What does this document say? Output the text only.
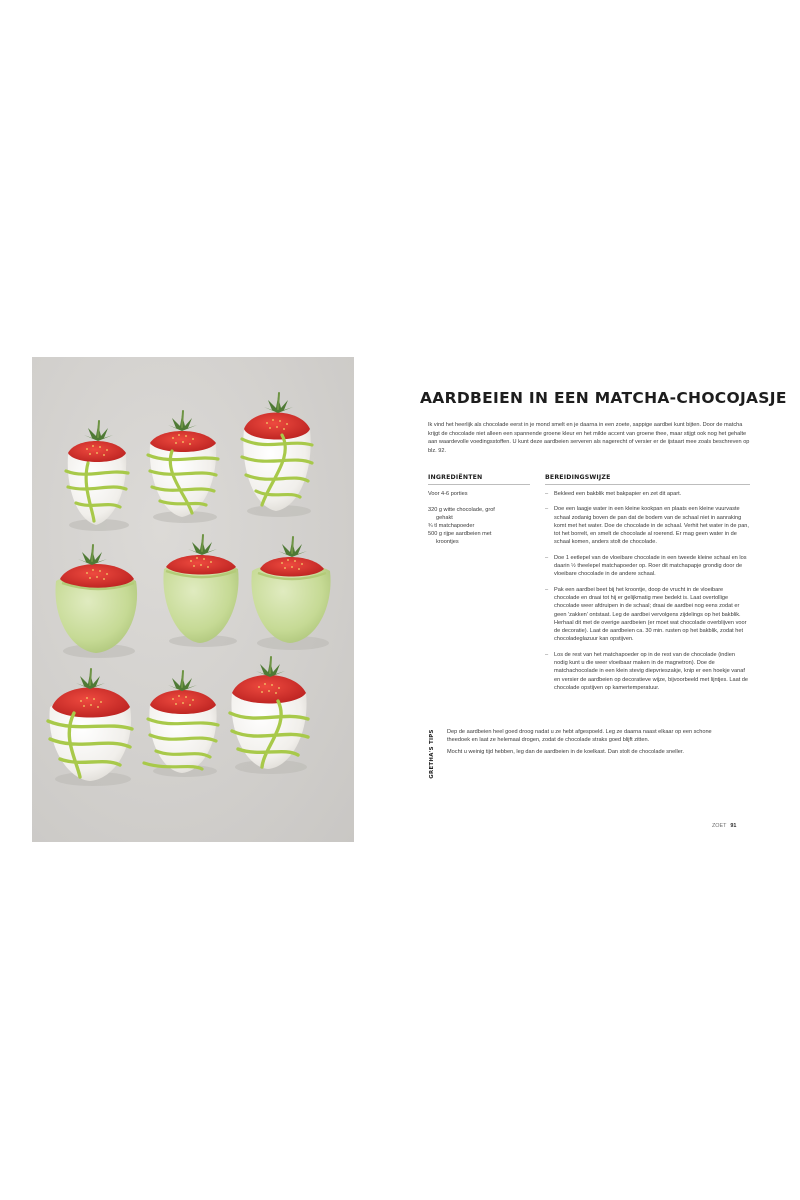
AARDBEIEN IN EEN MATCHA-CHOCOJASJE

Ik vind het heerlijk als chocolade eerst in je mond smelt en je daarna in een zoete, sappige aardbei kunt bijten. Door de matcha krijgt de chocolade niet alleen een spannende groene kleur en het milde accent van groene thee, maar stijgt ook nog het gehalte aan waardevolle voedingsstoffen. U kunt deze aardbeien serveren als nagerecht of versier er de ijstaart mee zoals beschreven op blz. 92.

INGREDIËNTEN	BEREIDINGSWIJZE

Voor 4-6 porties

320 g witte chocolade, grof
gehakt
¾ tl matchapoeder
500 g rijpe aardbeien met
kroontjes
– Bekleed een bakblik met bakpapier en zet dit apart.
– Doe een laagje water in een kleine kookpan en plaats een kleine vuurvaste schaal zodanig boven de pan dat de bodem van de schaal niet in aanraking komt met het water. Doe de chocolade in de schaal. Verhit het water in de pan, tot het borrelt, en smelt de chocolade al roerend. Er mag geen water in de schaal komen, anders stolt de chocolade.
– Doe 1 eetlepel van de vloeibare chocolade in een tweede kleine schaal en los daarin ½ theelepel matchapoeder op. Roer dit matchapapje grondig door de vloeibare chocolade in de andere schaal.
– Pak een aardbei beet bij het kroontje, doop de vrucht in de vloeibare chocolade en draai tot hij er gelijkmatig mee bedekt is. Laat overtollige chocolade weer afdruipen in de schaal; draai de aardbei nog eens zodat er geen 'zakken' ontstaat. Leg de aardbei vervolgens zijdelings op het bakblik. Herhaal dit met de overige aardbeien (er moet wat chocolade overblijven voor de decoratie). Laat de aardbeien ca. 30 min. rusten op het bakblik, zodat het chocoladeglazuur kan opstijven.
– Los de rest van het matchapoeder op in de rest van de chocolade (indien nodig kunt u die weer vloeibaar maken in de magnetron). Doe de matchachocolade in een klein stevig diepvrieszakje, knip er een hoekje vanaf en versier de aardbeien op decoratieve wijze, bijvoorbeeld met lijntjes. Laat de chocolade opstijven op kamertemperatuur.
GRETHA'S TIPS Dep de aardbeien heel goed droog nadat u ze hebt afgespoeld. Leg ze daarna naast elkaar op een schone theedoek en laat ze helemaal drogen, zodat de chocolade straks goed blijft zitten.

Mocht u weinig tijd hebben, leg dan de aardbeien in de koelkast. Dan stolt de chocolade sneller.

ZOET 91
